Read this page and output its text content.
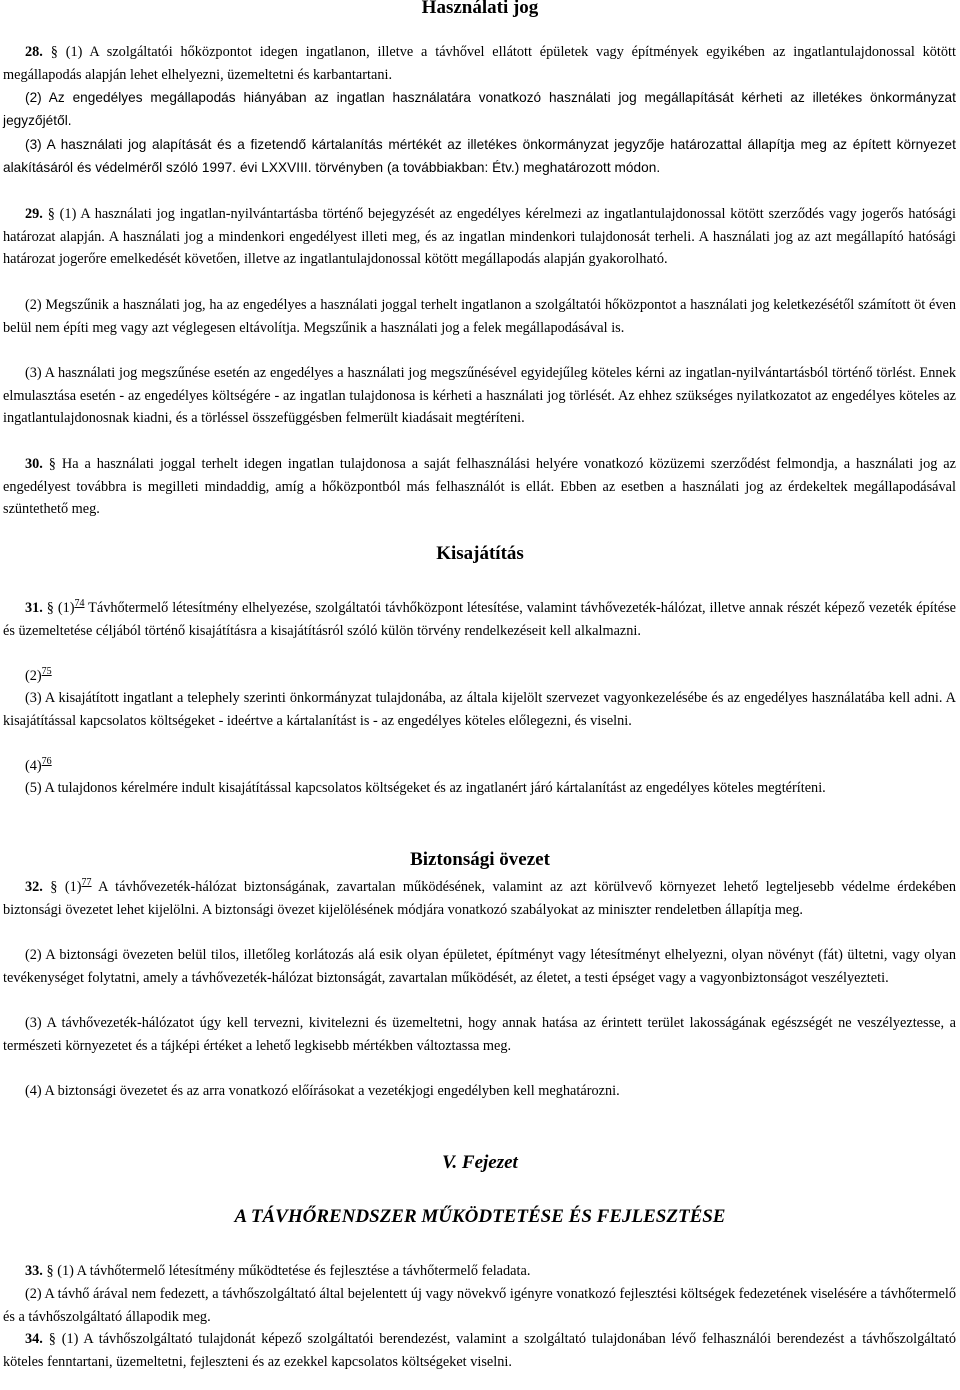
Használati jog

28. § (1) A szolgáltatói hőközpontot idegen ingatlanon, illetve a távhővel ellátott épületek vagy építmények egyikében az ingatlantulajdonossal kötött megállapodás alapján lehet elhelyezni, üzemeltetni és karbantartani.

(2) Az engedélyes megállapodás hiányában az ingatlan használatára vonatkozó használati jog megállapítását kérheti az illetékes önkormányzat jegyzőjétől.

(3) A használati jog alapítását és a fizetendő kártalanítás mértékét az illetékes önkormányzat jegyzője határozattal állapítja meg az épített környezet alakításáról és védelméről szóló 1997. évi LXXVIII. törvényben (a továbbiakban: Étv.) meghatározott módon.

29. § (1) A használati jog ingatlan-nyilvántartásba történő bejegyzését az engedélyes kérelmezi az ingatlantulajdonossal kötött szerződés vagy jogerős hatósági határozat alapján. A használati jog a mindenkori engedélyest illeti meg, és az ingatlan mindenkori tulajdonosát terheli. A használati jog az azt megállapító hatósági határozat jogerőre emelkedését követően, illetve az ingatlantulajdonossal kötött megállapodás alapján gyakorolható.

(2) Megszűnik a használati jog, ha az engedélyes a használati joggal terhelt ingatlanon a szolgáltatói hőközpontot a használati jog keletkezésétől számított öt éven belül nem építi meg vagy azt véglegesen eltávolítja. Megszűnik a használati jog a felek megállapodásával is.

(3) A használati jog megszűnése esetén az engedélyes a használati jog megszűnésével egyidejűleg köteles kérni az ingatlan-nyilvántartásból történő törlést. Ennek elmulasztása esetén - az engedélyes költségére - az ingatlan tulajdonosa is kérheti a használati jog törlését. Az ehhez szükséges nyilatkozatot az engedélyes köteles az ingatlantulajdonosnak kiadni, és a törléssel összefüggésben felmerült kiadásait megtéríteni.

30. § Ha a használati joggal terhelt idegen ingatlan tulajdonosa a saját felhasználási helyére vonatkozó közüzemi szerződést felmondja, a használati jog az engedélyest továbbra is megilleti mindaddig, amíg a hőközpontból más felhasználót is ellát. Ebben az esetben a használati jog az érdekeltek megállapodásával szüntethető meg.

Kisajátítás

31. § (1)$^{74}$ Távhőtermelő létesítmény elhelyezése, szolgáltatói távhőközpont létesítése, valamint távhővezeték-hálózat, illetve annak részét képező vezeték építése és üzemeltetése céljából történő kisajátításra a kisajátításról szóló külön törvény rendelkezéseit kell alkalmazni.

(2)$^{75}$

(3) A kisajátított ingatlant a telephely szerinti önkormányzat tulajdonába, az általa kijelölt szervezet vagyonkezelésébe és az engedélyes használatába kell adni. A kisajátítással kapcsolatos költségeket - ideértve a kártalanítást is - az engedélyes köteles előlegezni, és viselni.

(4)$^{76}$

(5) A tulajdonos kérelmére indult kisajátítással kapcsolatos költségeket és az ingatlanért járó kártalanítást az engedélyes köteles megtéríteni.

Biztonsági övezet

32. § (1)$^{77}$ A távhővezeték-hálózat biztonságának, zavartalan működésének, valamint az azt körülvevő környezet lehető legteljesebb védelme érdekében biztonsági övezetet lehet kijelölni. A biztonsági övezet kijelölésének módjára vonatkozó szabályokat az miniszter rendeletben állapítja meg.

(2) A biztonsági övezeten belül tilos, illetőleg korlátozás alá esik olyan épületet, építményt vagy létesítményt elhelyezni, olyan növényt (fát) ültetni, vagy olyan tevékenységet folytatni, amely a távhővezeték-hálózat biztonságát, zavartalan működését, az életet, a testi épséget vagy a vagyonbiztonságot veszélyezteti.

(3) A távhővezeték-hálózatot úgy kell tervezni, kivitelezni és üzemeltetni, hogy annak hatása az érintett terület lakosságának egészségét ne veszélyeztesse, a természeti környezetet és a tájképi értéket a lehető legkisebb mértékben változtassa meg.

(4) A biztonsági övezetet és az arra vonatkozó előírásokat a vezetékjogi engedélyben kell meghatározni.

V. Fejezet
A TÁVHŐRENDSZER MŰKÖDTETÉSE ÉS FEJLESZTÉSE

33. § (1) A távhőtermelő létesítmény működtetése és fejlesztése a távhőtermelő feladata.

(2) A távhő árával nem fedezett, a távhőszolgáltató által bejelentett új vagy növekvő igényre vonatkozó fejlesztési költségek fedezetének viselésére a távhőtermelő és a távhőszolgáltató állapodik meg.

34. § (1) A távhőszolgáltató tulajdonát képező szolgáltatói berendezést, valamint a szolgáltató tulajdonában lévő felhasználói berendezést a távhőszolgáltató köteles fenntartani, üzemeltetni, fejleszteni és az ezekkel kapcsolatos költségeket viselni.
